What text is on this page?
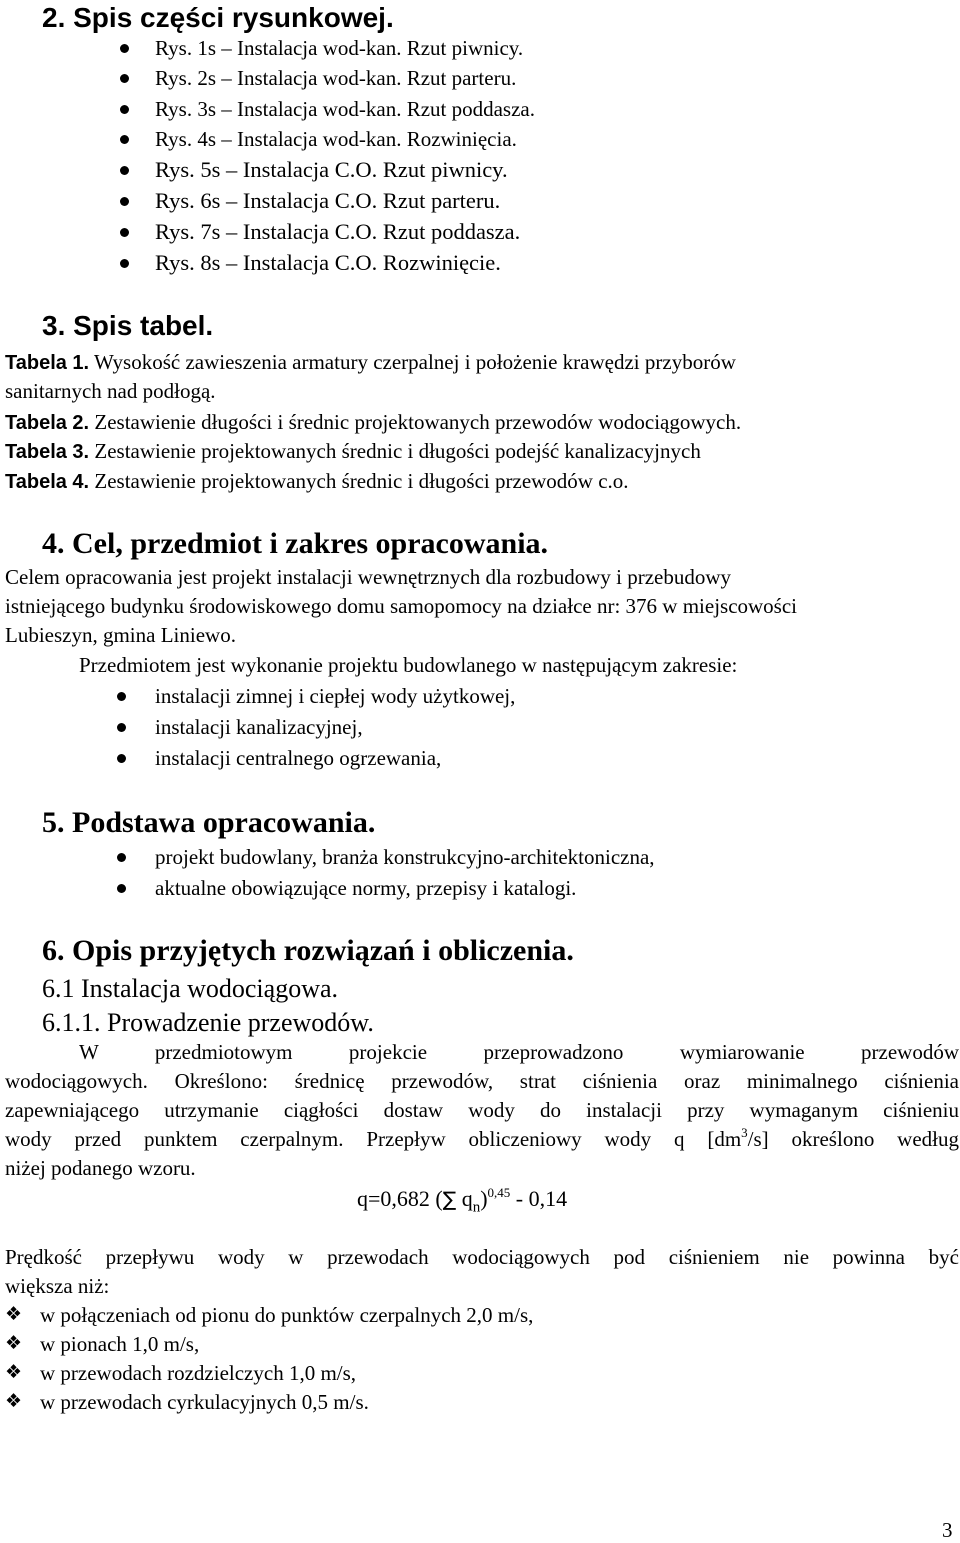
2. Spis części rysunkowej.
Rys. 1s – Instalacja wod-kan. Rzut piwnicy.
Rys. 2s – Instalacja wod-kan. Rzut parteru.
Rys. 3s – Instalacja wod-kan. Rzut poddasza.
Rys. 4s – Instalacja wod-kan. Rozwinięcia.
Rys. 5s – Instalacja C.O. Rzut piwnicy.
Rys. 6s – Instalacja C.O. Rzut parteru.
Rys. 7s – Instalacja C.O. Rzut poddasza.
Rys. 8s – Instalacja C.O. Rozwinięcie.
3. Spis tabel.
Tabela 1. Wysokość zawieszenia armatury czerpalnej i położenie krawędzi przyborów
sanitarnych nad podłogą.
Tabela 2. Zestawienie długości i średnic projektowanych przewodów wodociągowych.
Tabela 3. Zestawienie projektowanych średnic i długości podejść kanalizacyjnych
Tabela 4. Zestawienie projektowanych średnic i długości przewodów c.o.
4. Cel, przedmiot i zakres opracowania.
Celem opracowania jest projekt instalacji wewnętrznych dla rozbudowy i przebudowy
istniejącego budynku środowiskowego domu samopomocy na działce nr: 376 w miejscowości
Lubieszyn, gmina Liniewo.
Przedmiotem jest wykonanie projektu budowlanego w następującym zakresie:
instalacji zimnej i ciepłej wody użytkowej,
instalacji kanalizacyjnej,
instalacji centralnego ogrzewania,
5. Podstawa opracowania.
projekt budowlany, branża konstrukcyjno-architektoniczna,
aktualne obowiązujące normy, przepisy i katalogi.
6. Opis przyjętych rozwiązań i obliczenia.
6.1 Instalacja wodociągowa.
6.1.1. Prowadzenie przewodów.
W przedmiotowym projekcie przeprowadzono wymiarowanie przewodów
wodociągowych. Określono: średnicę przewodów, strat ciśnienia oraz minimalnego ciśnienia
zapewniającego utrzymanie ciągłości dostaw wody do instalacji przy wymaganym ciśnieniu
wody przed punktem czerpalnym. Przepływ obliczeniowy wody q $[dm^3/s]$ określono według
niżej podanego wzoru.
q=0,682 (∑ $q_n)^{0,45} - 0,14$
Prędkość przepływu wody w przewodach wodociągowych pod ciśnieniem nie powinna być
większa niż:
❖ w połączeniach od pionu do punktów czerpalnych 2,0 m/s,
❖ w pionach 1,0 m/s,
❖ w przewodach rozdzielczych 1,0 m/s,
❖ w przewodach cyrkulacyjnych 0,5 m/s.
3
